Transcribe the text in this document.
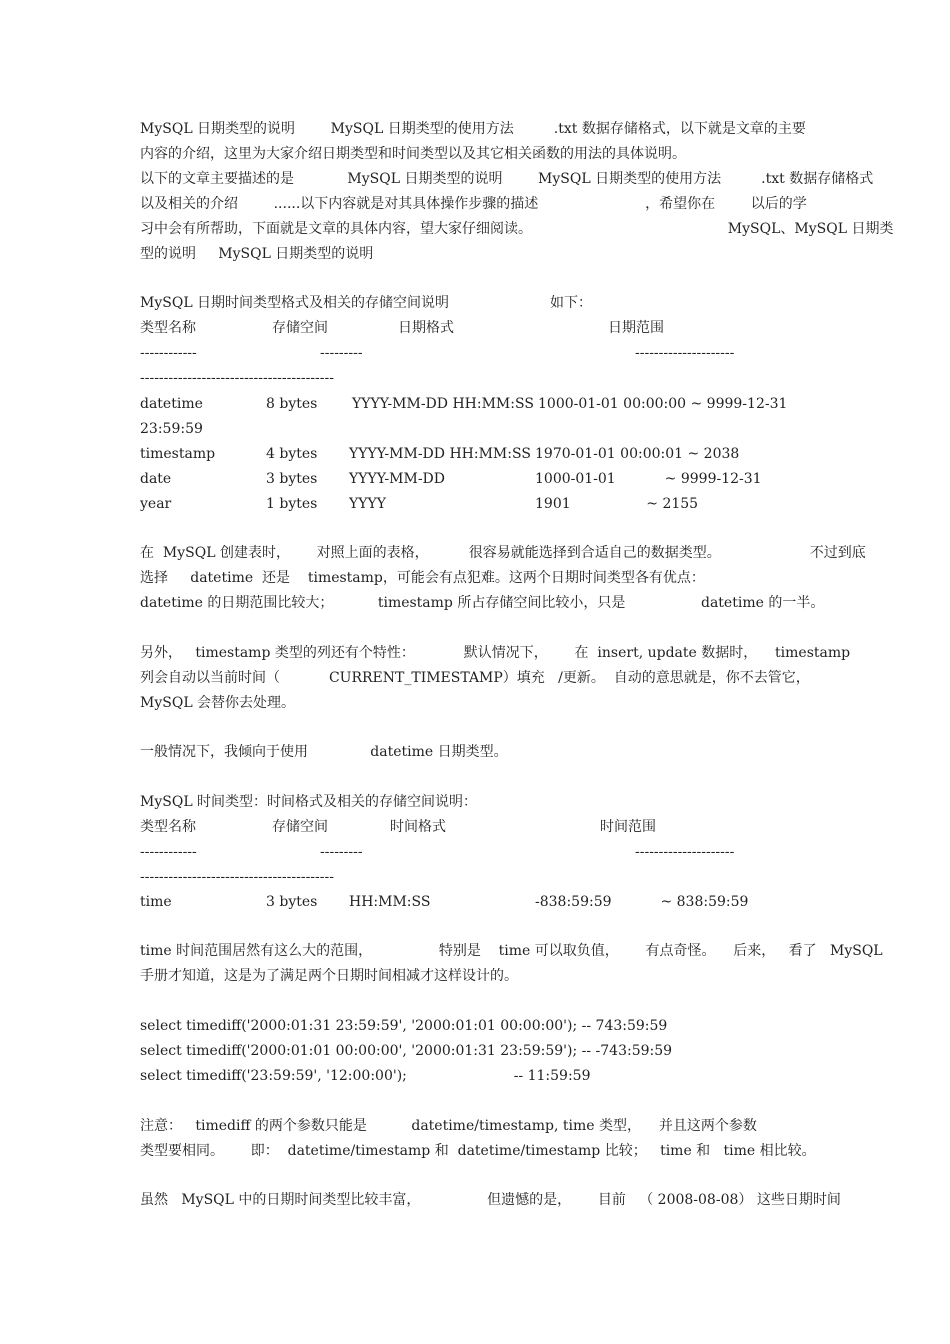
MySQL 日期类型的说明        MySQL 日期类型的使用方法         .txt 数据存储格式，以下就是文章的主要
内容的介绍，这里为大家介绍日期类型和时间类型以及其它相关函数的用法的具体说明。
以下的文章主要描述的是            MySQL 日期类型的说明        MySQL 日期类型的使用方法         .txt 数据存储格式
以及相关的介绍        ......以下内容就是对其具体操作步骤的描述                        ，希望你在        以后的学
习中会有所帮助，下面就是文章的具体内容，望大家仔细阅读。                                            MySQL、MySQL 日期类
型的说明     MySQL 日期类型的说明
MySQL 日期时间类型格式及相关的存储空间说明	如下：
类型名称	存储空间	日期格式	日期范围
------------	---------	---------------------
-----------------------------------------
datetime	8 bytes YYYY-MM-DD HH:MM:SS 1000-01-01 00:00:00 ~ 9999-12-31
23:59:59
timestamp	4 bytes YYYY-MM-DD HH:MM:SS 1970-01-01 00:00:01 ~ 2038
date	3 bytes YYYY-MM-DD	1000-01-01           ~ 9999-12-31
year	1 bytes YYYY	1901                 ~ 2155
在  MySQL 创建表时，      对照上面的表格，         很容易就能选择到合适自己的数据类型。                    不过到底
选择     datetime  还是    timestamp，可能会有点犯难。这两个日期时间类型各有优点：
datetime 的日期范围比较大；          timestamp 所占存储空间比较小，只是                 datetime 的一半。
另外，   timestamp 类型的列还有个特性：           默认情况下，      在  insert, update 数据时，    timestamp
列会自动以当前时间（           CURRENT_TIMESTAMP）填充   /更新。  自动的意思就是，你不去管它，
MySQL 会替你去处理。
一般情况下，我倾向于使用              datetime 日期类型。
MySQL 时间类型：时间格式及相关的存储空间说明：
类型名称	存储空间	时间格式	时间范围
------------	---------	---------------------
-----------------------------------------
time	3 bytes HH:MM:SS	-838:59:59           ~ 838:59:59
time 时间范围居然有这么大的范围，               特别是    time 可以取负值，      有点奇怪。    后来，   看了   MySQL
手册才知道，这是为了满足两个日期时间相减才这样设计的。
select timediff('2000:01:31 23:59:59', '2000:01:01 00:00:00'); -- 743:59:59
select timediff('2000:01:01 00:00:00', '2000:01:31 23:59:59'); -- -743:59:59
select timediff('23:59:59', '12:00:00');                        -- 11:59:59
注意：   timediff 的两个参数只能是          datetime/timestamp, time 类型，    并且这两个参数
类型要相同。      即：  datetime/timestamp 和  datetime/timestamp 比较；   time 和   time 相比较。
虽然   MySQL 中的日期时间类型比较丰富，               但遗憾的是，      目前   （ 2008-08-08） 这些日期时间
